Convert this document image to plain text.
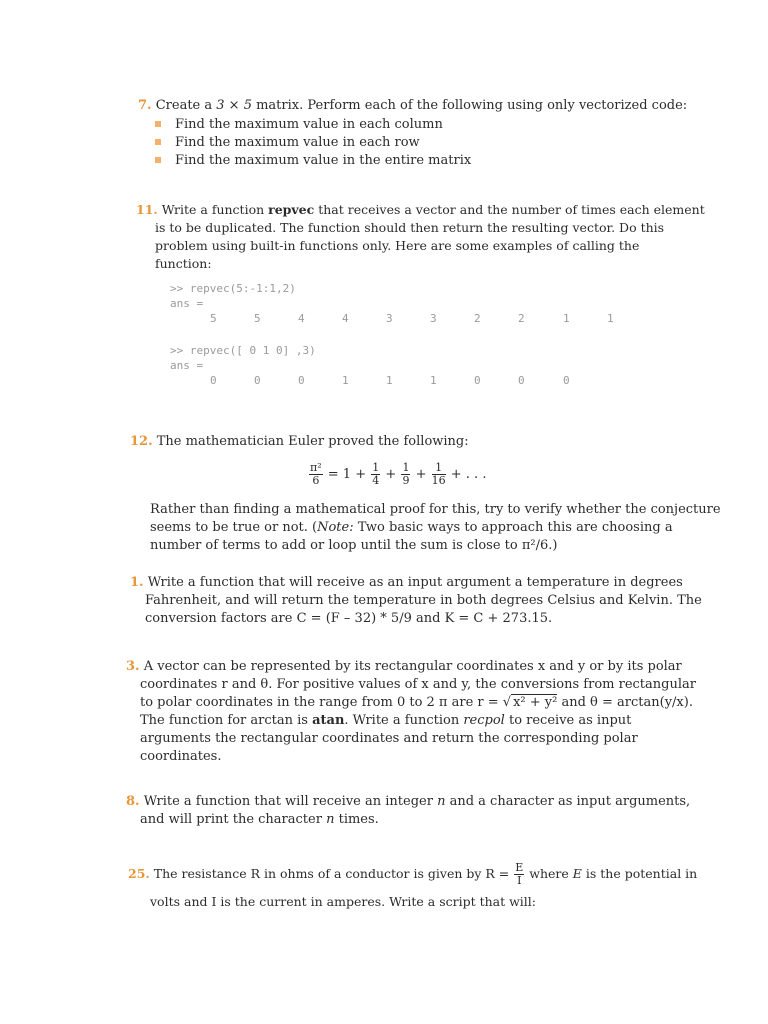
7. Create a 3 × 5 matrix. Perform each of the following using only vectorized code:
Find the maximum value in each column
Find the maximum value in each row
Find the maximum value in the entire matrix
11. Write a function repvec that receives a vector and the number of times each element
is to be duplicated. The function should then return the resulting vector. Do this
problem using built-in functions only. Here are some examples of calling the
function:
>> repvec(5:-1:1,2)
ans =
5	5	4	4	3	3	2	2	1	1
>> repvec([ 0 1 0] ,3)
ans =
0	0	0	1	1	1	0	0	0
12. The mathematician Euler proved the following:
$\frac{\text{π²}}{6} = 1 + \frac{1}{4} + \frac{1}{9} + \frac{1}{16}$ + . . .
Rather than finding a mathematical proof for this, try to verify whether the conjecture
seems to be true or not. (Note: Two basic ways to approach this are choosing a
number of terms to add or loop until the sum is close to π²/6.)
1. Write a function that will receive as an input argument a temperature in degrees
Fahrenheit, and will return the temperature in both degrees Celsius and Kelvin. The
conversion factors are C = (F – 32) * 5/9 and K = C + 273.15.
3. A vector can be represented by its rectangular coordinates x and y or by its polar
coordinates r and θ. For positive values of x and y, the conversions from rectangular
to polar coordinates in the range from 0 to 2 π are r = √ x² + y² and θ = arctan(y/x).
The function for arctan is atan. Write a function recpol to receive as input
arguments the rectangular coordinates and return the corresponding polar
coordinates.
8. Write a function that will receive an integer n and a character as input arguments,
and will print the character n times.
25. The resistance R in ohms of a conductor is given by $R = \frac{E}{I}$ where E is the potential in
volts and I is the current in amperes. Write a script that will:
